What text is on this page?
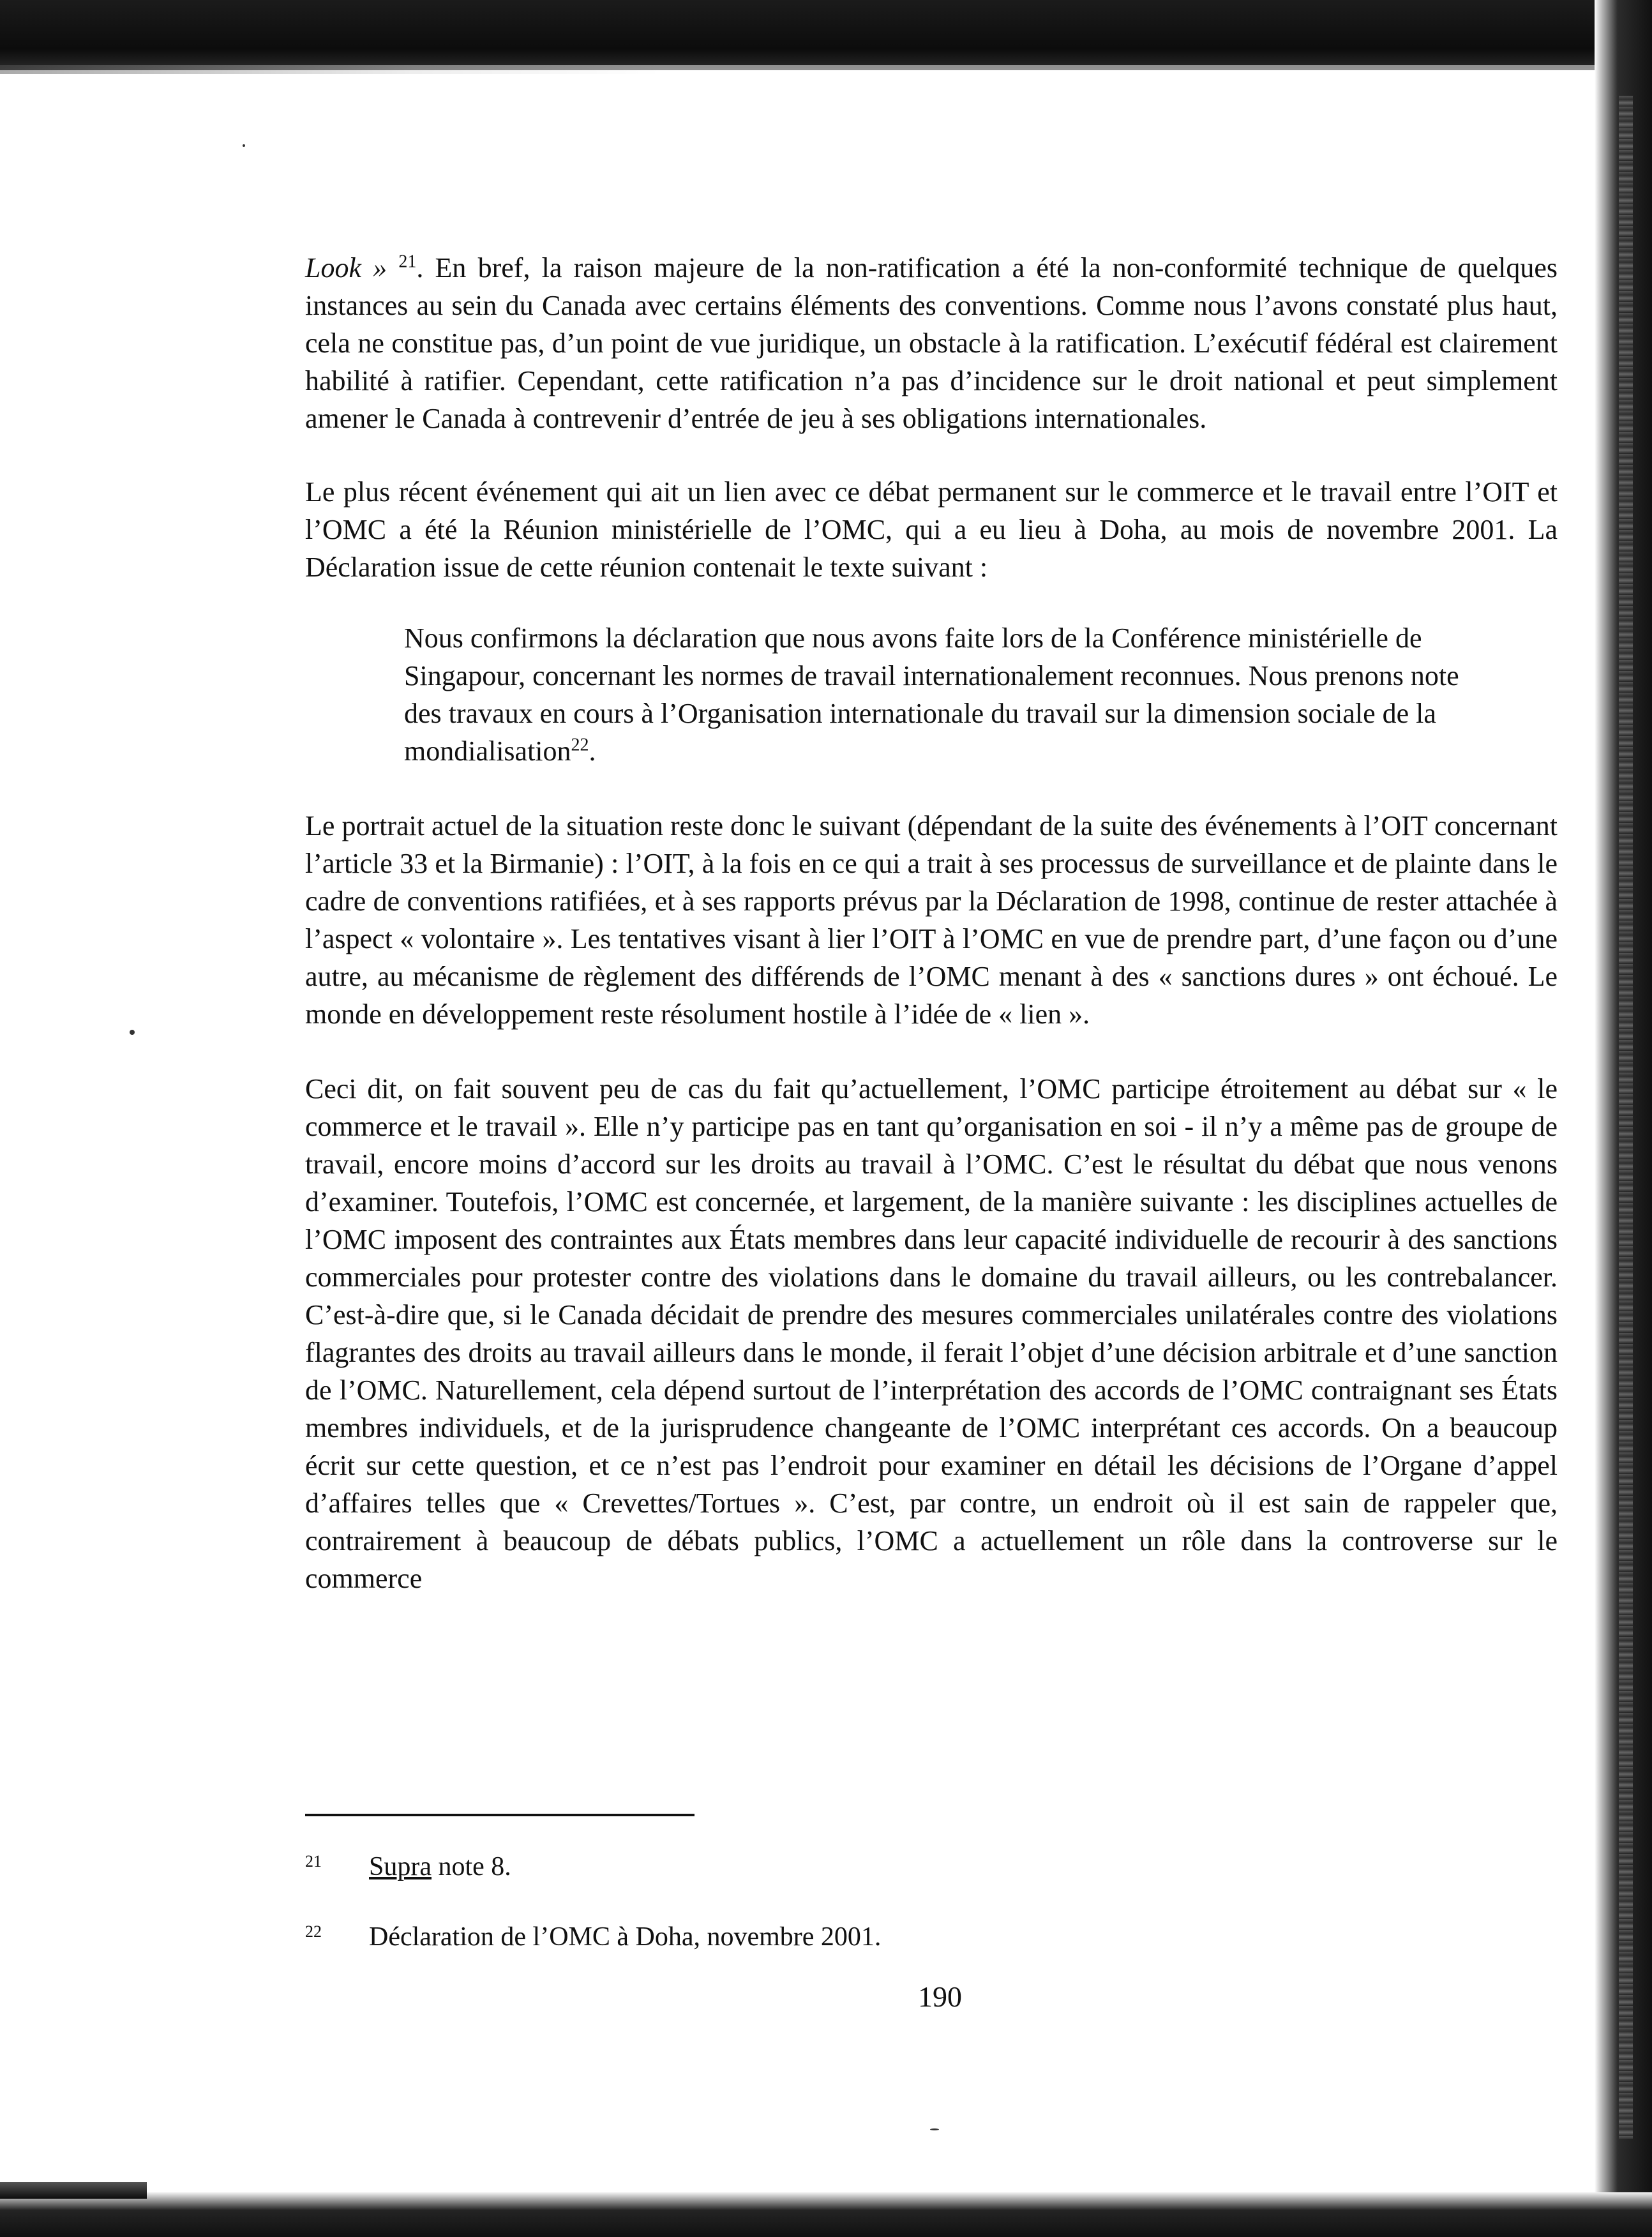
Look » $^{21}$. En bref, la raison majeure de la non-ratification a été la non-conformité technique de quelques instances au sein du Canada avec certains éléments des conventions. Comme nous l’avons constaté plus haut, cela ne constitue pas, d’un point de vue juridique, un obstacle à la ratification. L’exécutif fédéral est clairement habilité à ratifier. Cependant, cette ratification n’a pas d’incidence sur le droit national et peut simplement amener le Canada à contrevenir d’entrée de jeu à ses obligations internationales.

Le plus récent événement qui ait un lien avec ce débat permanent sur le commerce et le travail entre l’OIT et l’OMC a été la Réunion ministérielle de l’OMC, qui a eu lieu à Doha, au mois de novembre 2001. La Déclaration issue de cette réunion contenait le texte suivant :

Nous confirmons la déclaration que nous avons faite lors de la Conférence ministérielle de Singapour, concernant les normes de travail internationalement reconnues. Nous prenons note des travaux en cours à l’Organisation internationale du travail sur la dimension sociale de la mondialisation$^{22}$.

Le portrait actuel de la situation reste donc le suivant (dépendant de la suite des événements à l’OIT concernant l’article 33 et la Birmanie) : l’OIT, à la fois en ce qui a trait à ses processus de surveillance et de plainte dans le cadre de conventions ratifiées, et à ses rapports prévus par la Déclaration de 1998, continue de rester attachée à l’aspect « volontaire ». Les tentatives visant à lier l’OIT à l’OMC en vue de prendre part, d’une façon ou d’une autre, au mécanisme de règlement des différends de l’OMC menant à des « sanctions dures » ont échoué. Le monde en développement reste résolument hostile à l’idée de « lien ».

Ceci dit, on fait souvent peu de cas du fait qu’actuellement, l’OMC participe étroitement au débat sur « le commerce et le travail ». Elle n’y participe pas en tant qu’organisation en soi - il n’y a même pas de groupe de travail, encore moins d’accord sur les droits au travail à l’OMC. C’est le résultat du débat que nous venons d’examiner. Toutefois, l’OMC est concernée, et largement, de la manière suivante : les disciplines actuelles de l’OMC imposent des contraintes aux États membres dans leur capacité individuelle de recourir à des sanctions commerciales pour protester contre des violations dans le domaine du travail ailleurs, ou les contrebalancer. C’est-à-dire que, si le Canada décidait de prendre des mesures commerciales unilatérales contre des violations flagrantes des droits au travail ailleurs dans le monde, il ferait l’objet d’une décision arbitrale et d’une sanction de l’OMC. Naturellement, cela dépend surtout de l’interprétation des accords de l’OMC contraignant ses États membres individuels, et de la jurisprudence changeante de l’OMC interprétant ces accords. On a beaucoup écrit sur cette question, et ce n’est pas l’endroit pour examiner en détail les décisions de l’Organe d’appel d’affaires telles que « Crevettes/Tortues ». C’est, par contre, un endroit où il est sain de rappeler que, contrairement à beaucoup de débats publics, l’OMC a actuellement un rôle dans la controverse sur le commerce

21 Supra note 8.
22 Déclaration de l’OMC à Doha, novembre 2001.
190
